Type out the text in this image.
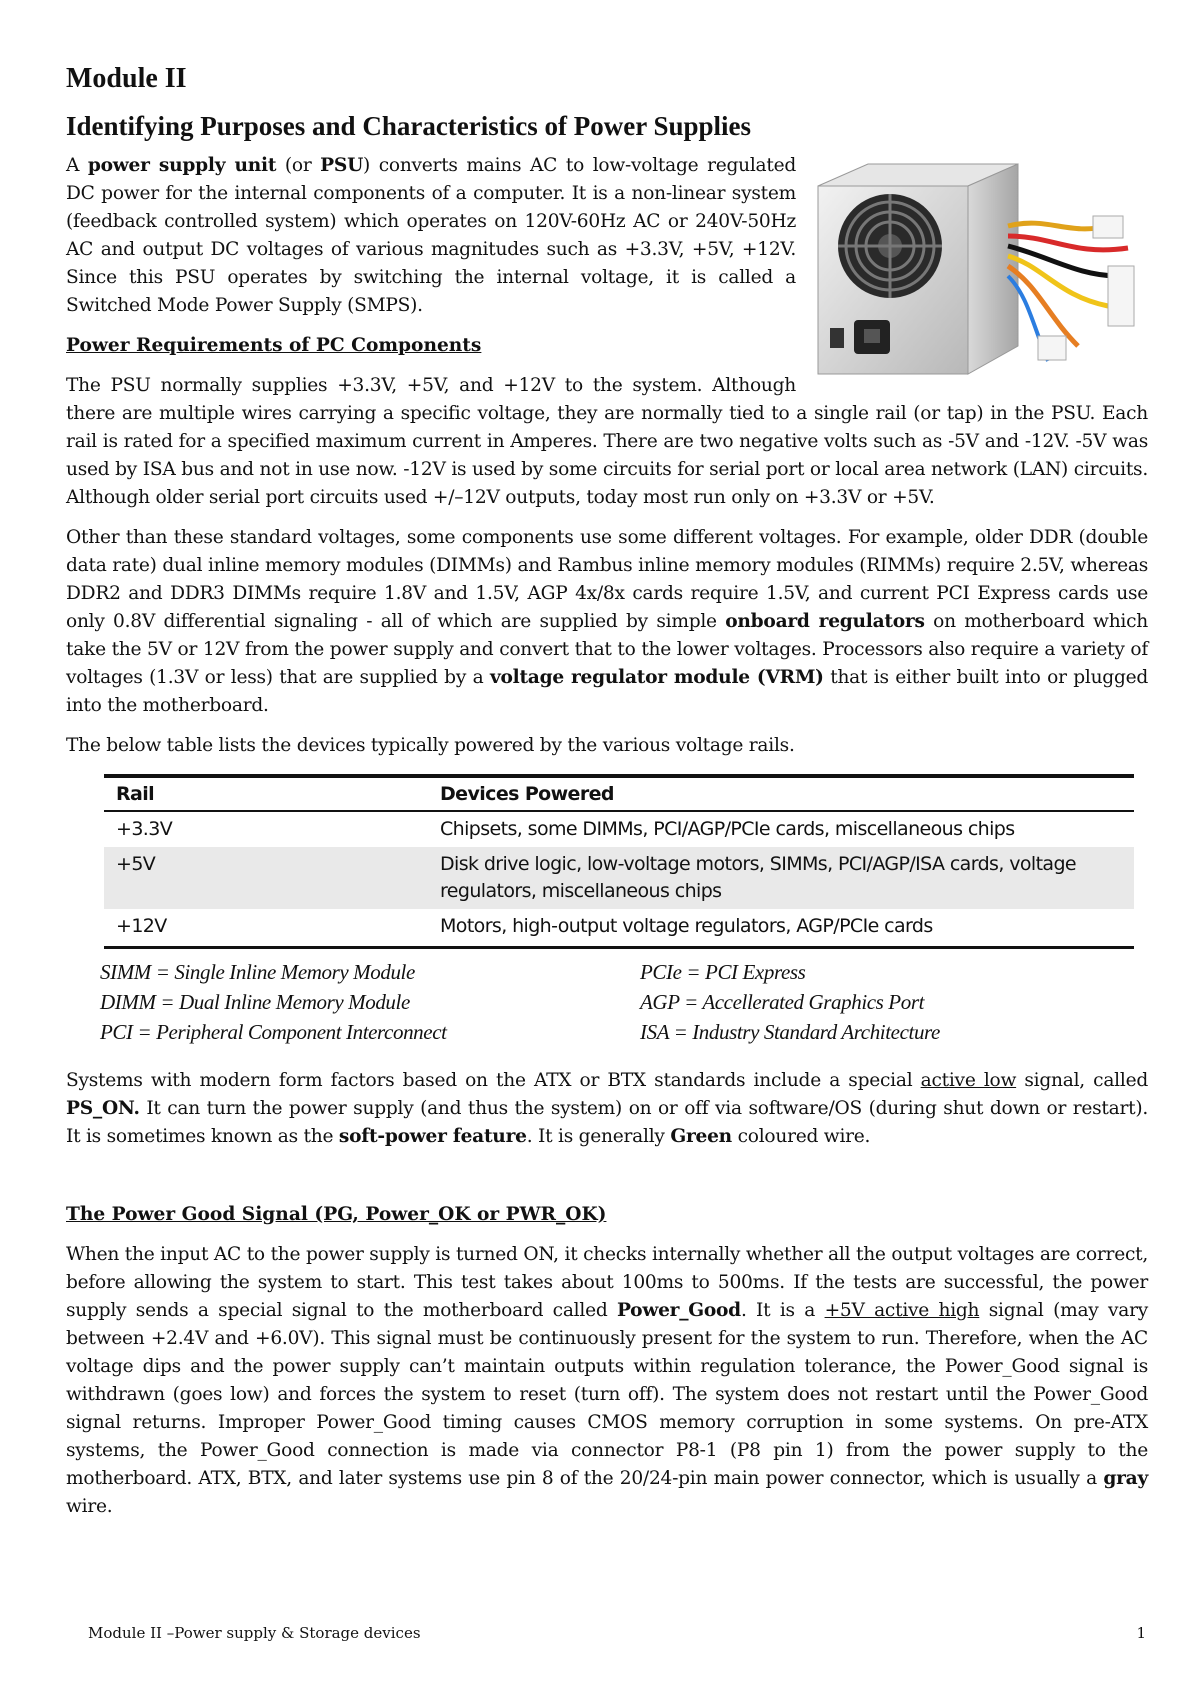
Module II
Identifying Purposes and Characteristics of Power Supplies

A power supply unit (or PSU) converts mains AC to low-voltage regulated DC power for the internal components of a computer. It is a non-linear system (feedback controlled system) which operates on 120V-60Hz AC or 240V-50Hz AC and output DC voltages of various magnitudes such as +3.3V, +5V, +12V. Since this PSU operates by switching the internal voltage, it is called a Switched Mode Power Supply (SMPS).

Power Requirements of PC Components

The PSU normally supplies +3.3V, +5V, and +12V to the system. Although there are multiple wires carrying a specific voltage, they are normally tied to a single rail (or tap) in the PSU. Each rail is rated for a specified maximum current in Amperes. There are two negative volts such as -5V and -12V. -5V was used by ISA bus and not in use now. -12V is used by some circuits for serial port or local area network (LAN) circuits. Although older serial port circuits used +/–12V outputs, today most run only on +3.3V or +5V.

Other than these standard voltages, some components use some different voltages. For example, older DDR (double data rate) dual inline memory modules (DIMMs) and Rambus inline memory modules (RIMMs) require 2.5V, whereas DDR2 and DDR3 DIMMs require 1.8V and 1.5V, AGP 4x/8x cards require 1.5V, and current PCI Express cards use only 0.8V differential signaling - all of which are supplied by simple onboard regulators on motherboard which take the 5V or 12V from the power supply and convert that to the lower voltages. Processors also require a variety of voltages (1.3V or less) that are supplied by a voltage regulator module (VRM) that is either built into or plugged into the motherboard.

The below table lists the devices typically powered by the various voltage rails.

Rail	Devices Powered
+3.3V	Chipsets, some DIMMs, PCI/AGP/PCIe cards, miscellaneous chips
+5V	Disk drive logic, low-voltage motors, SIMMs, PCI/AGP/ISA cards, voltage regulators, miscellaneous chips
+12V	Motors, high-output voltage regulators, AGP/PCIe cards
SIMM = Single Inline Memory Module	PCIe = PCI Express
DIMM = Dual Inline Memory Module	AGP = Accellerated Graphics Port
PCI = Peripheral Component Interconnect	ISA = Industry Standard Architecture

Systems with modern form factors based on the ATX or BTX standards include a special active low signal, called PS_ON. It can turn the power supply (and thus the system) on or off via software/OS (during shut down or restart). It is sometimes known as the soft-power feature. It is generally Green coloured wire.

The Power Good Signal (PG, Power_OK or PWR_OK)

When the input AC to the power supply is turned ON, it checks internally whether all the output voltages are correct, before allowing the system to start. This test takes about 100ms to 500ms. If the tests are successful, the power supply sends a special signal to the motherboard called Power_Good. It is a +5V active high signal (may vary between +2.4V and +6.0V). This signal must be continuously present for the system to run. Therefore, when the AC voltage dips and the power supply can’t maintain outputs within regulation tolerance, the Power_Good signal is withdrawn (goes low) and forces the system to reset (turn off). The system does not restart until the Power_Good signal returns. Improper Power_Good timing causes CMOS memory corruption in some systems. On pre-ATX systems, the Power_Good connection is made via connector P8-1 (P8 pin 1) from the power supply to the motherboard. ATX, BTX, and later systems use pin 8 of the 20/24-pin main power connector, which is usually a gray wire.

Module II –Power supply & Storage devices	1
